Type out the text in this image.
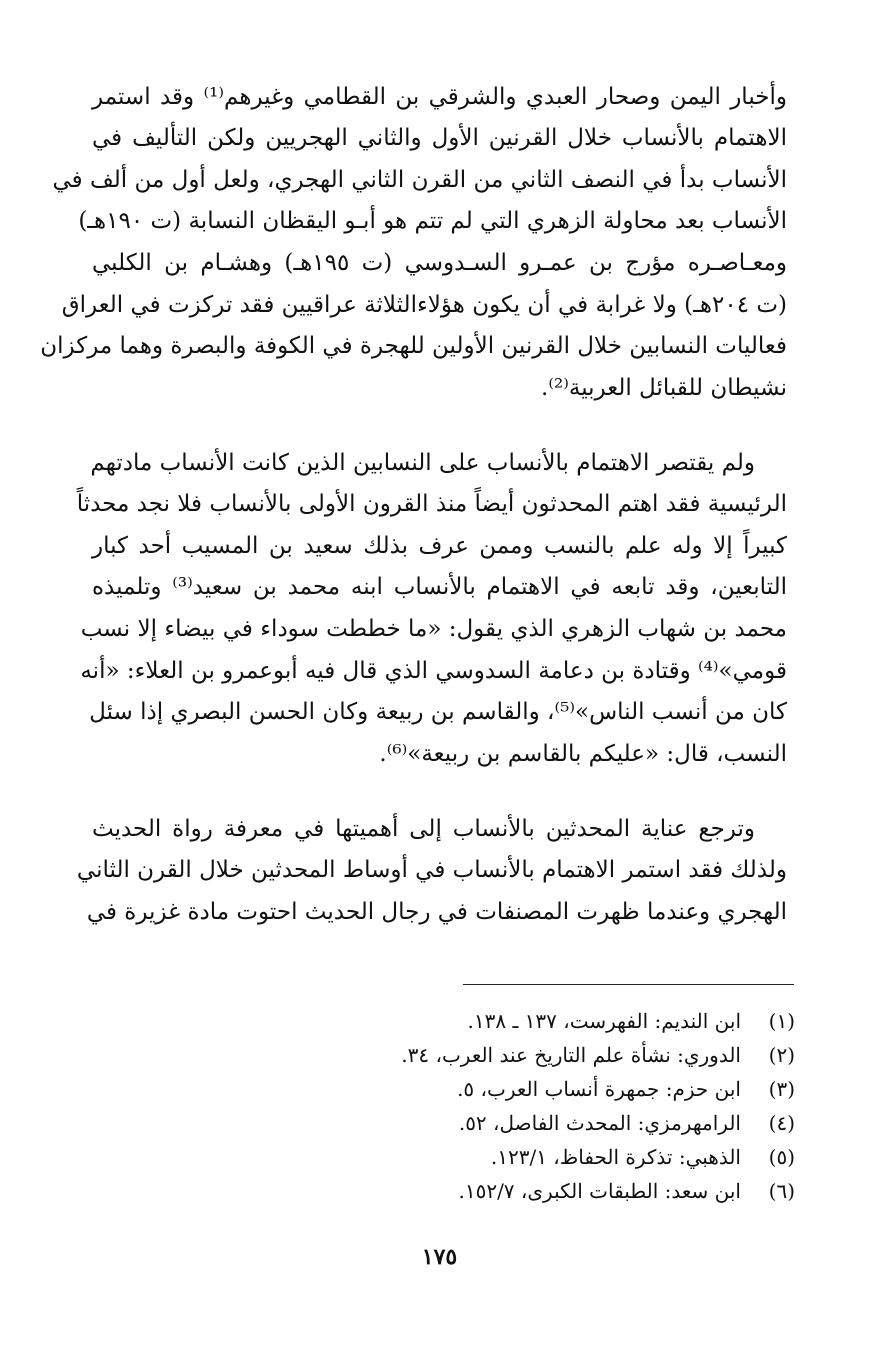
وأخبار اليمن وصحار العبدي والشرقي بن القطامي وغيرهم⁽¹⁾ وقد استمر
الاهتمام بالأنساب خلال القرنين الأول والثاني الهجريين ولكن التأليف في
الأنساب بدأ في النصف الثاني من القرن الثاني الهجري، ولعل أول من ألف في
الأنساب بعد محاولة الزهري التي لم تتم هو أبـو اليقظان النسابة (ت ١٩٠هـ)
ومعـاصـره مؤرج بن عمـرو السـدوسي (ت ١٩٥هـ) وهشـام بن الكلبي
(ت ٢٠٤هـ) ولا غرابة في أن يكون هؤلاءالثلاثة عراقيين فقد تركزت في العراق
فعاليات النسابين خلال القرنين الأولين للهجرة في الكوفة والبصرة وهما مركزان
نشيطان للقبائل العربية⁽²⁾.
ولم يقتصر الاهتمام بالأنساب على النسابين الذين كانت الأنساب مادتهم
الرئيسية فقد اهتم المحدثون أيضاً منذ القرون الأولى بالأنساب فلا نجد محدثاً
كبيراً إلا وله علم بالنسب وممن عرف بذلك سعيد بن المسيب أحد كبار
التابعين، وقد تابعه في الاهتمام بالأنساب ابنه محمد بن سعيد⁽³⁾ وتلميذه
محمد بن شهاب الزهري الذي يقول: «ما خططت سوداء في بيضاء إلا نسب
قومي»⁽⁴⁾ وقتادة بن دعامة السدوسي الذي قال فيه أبوعمرو بن العلاء: «أنه
كان من أنسب الناس»⁽⁵⁾، والقاسم بن ربيعة وكان الحسن البصري إذا سئل
النسب، قال: «عليكم بالقاسم بن ربيعة»⁽⁶⁾.
وترجع عناية المحدثين بالأنساب إلى أهميتها في معرفة رواة الحديث
ولذلك فقد استمر الاهتمام بالأنساب في أوساط المحدثين خلال القرن الثاني
الهجري وعندما ظهرت المصنفات في رجال الحديث احتوت مادة غزيرة في
(١)
ابن النديم: الفهرست، ١٣٧ ـ ١٣٨.
(٢)
الدوري: نشأة علم التاريخ عند العرب، ٣٤.
(٣)
ابن حزم: جمهرة أنساب العرب، ٥.
(٤)
الرامهرمزي: المحدث الفاصل، ٥٢.
(٥)
الذهبي: تذكرة الحفاظ، ١٢٣/١.
(٦)
ابن سعد: الطبقات الكبرى، ١٥٢/٧.
١٧٥
